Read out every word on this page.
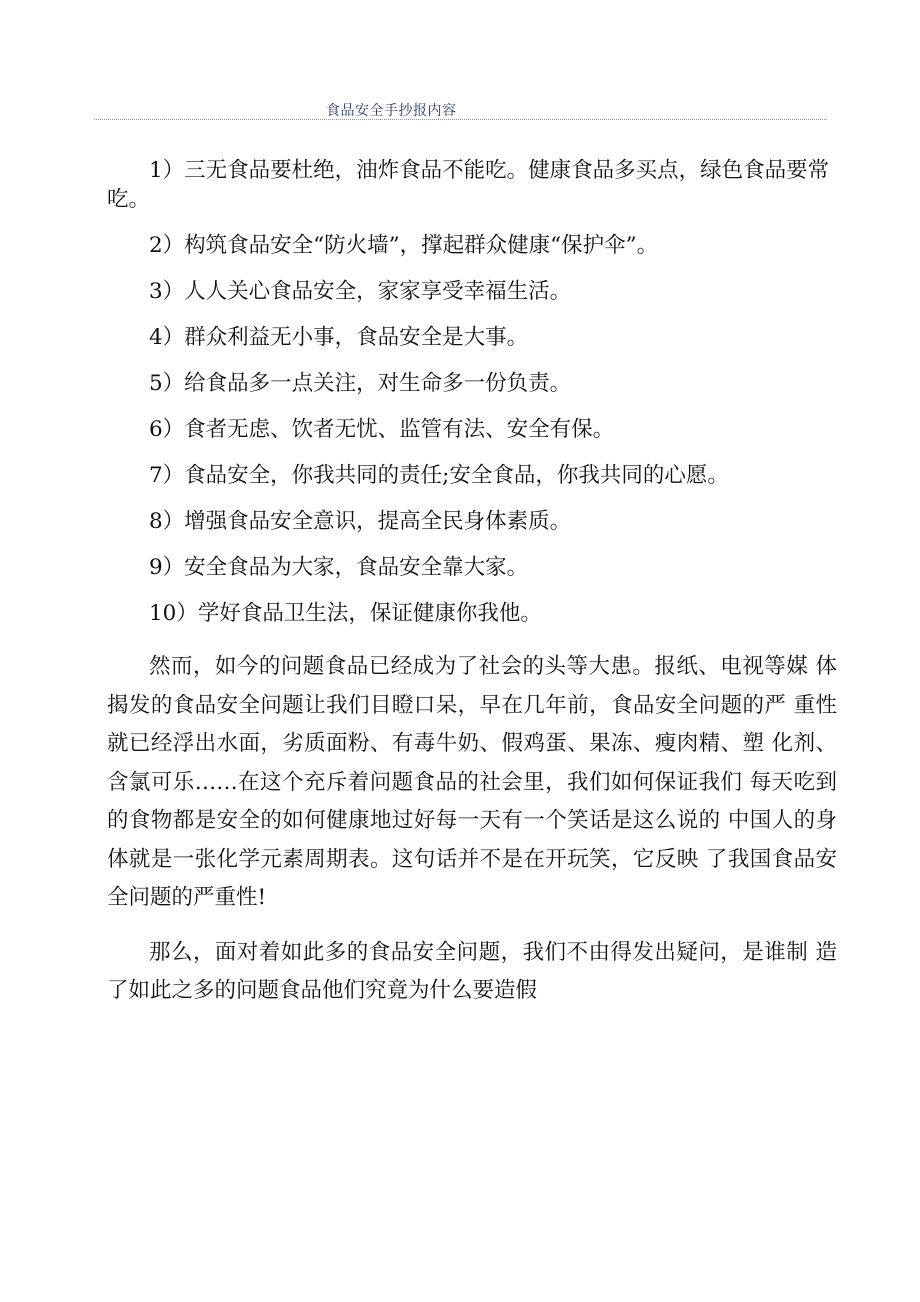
食品安全手抄报内容

1）三无食品要杜绝，油炸食品不能吃。健康食品多买点，绿色食品要常吃。

2）构筑食品安全“防火墙”，撑起群众健康“保护伞”。

3）人人关心食品安全，家家享受幸福生活。

4）群众利益无小事，食品安全是大事。

5）给食品多一点关注，对生命多一份负责。

6）食者无虑、饮者无忧、监管有法、安全有保。

7）食品安全，你我共同的责任;安全食品，你我共同的心愿。

8）增强食品安全意识，提高全民身体素质。

9）安全食品为大家，食品安全靠大家。

10）学好食品卫生法，保证健康你我他。

然而，如今的问题食品已经成为了社会的头等大患。报纸、电视等媒 体揭发的食品安全问题让我们目瞪口呆，早在几年前，食品安全问题的严 重性就已经浮出水面，劣质面粉、有毒牛奶、假鸡蛋、果冻、瘦肉精、塑 化剂、含氯可乐……在这个充斥着问题食品的社会里，我们如何保证我们 每天吃到的食物都是安全的如何健康地过好每一天有一个笑话是这么说的 中国人的身体就是一张化学元素周期表。这句话并不是在开玩笑，它反映 了我国食品安全问题的严重性!

那么，面对着如此多的食品安全问题，我们不由得发出疑问，是谁制 造了如此之多的问题食品他们究竟为什么要造假
